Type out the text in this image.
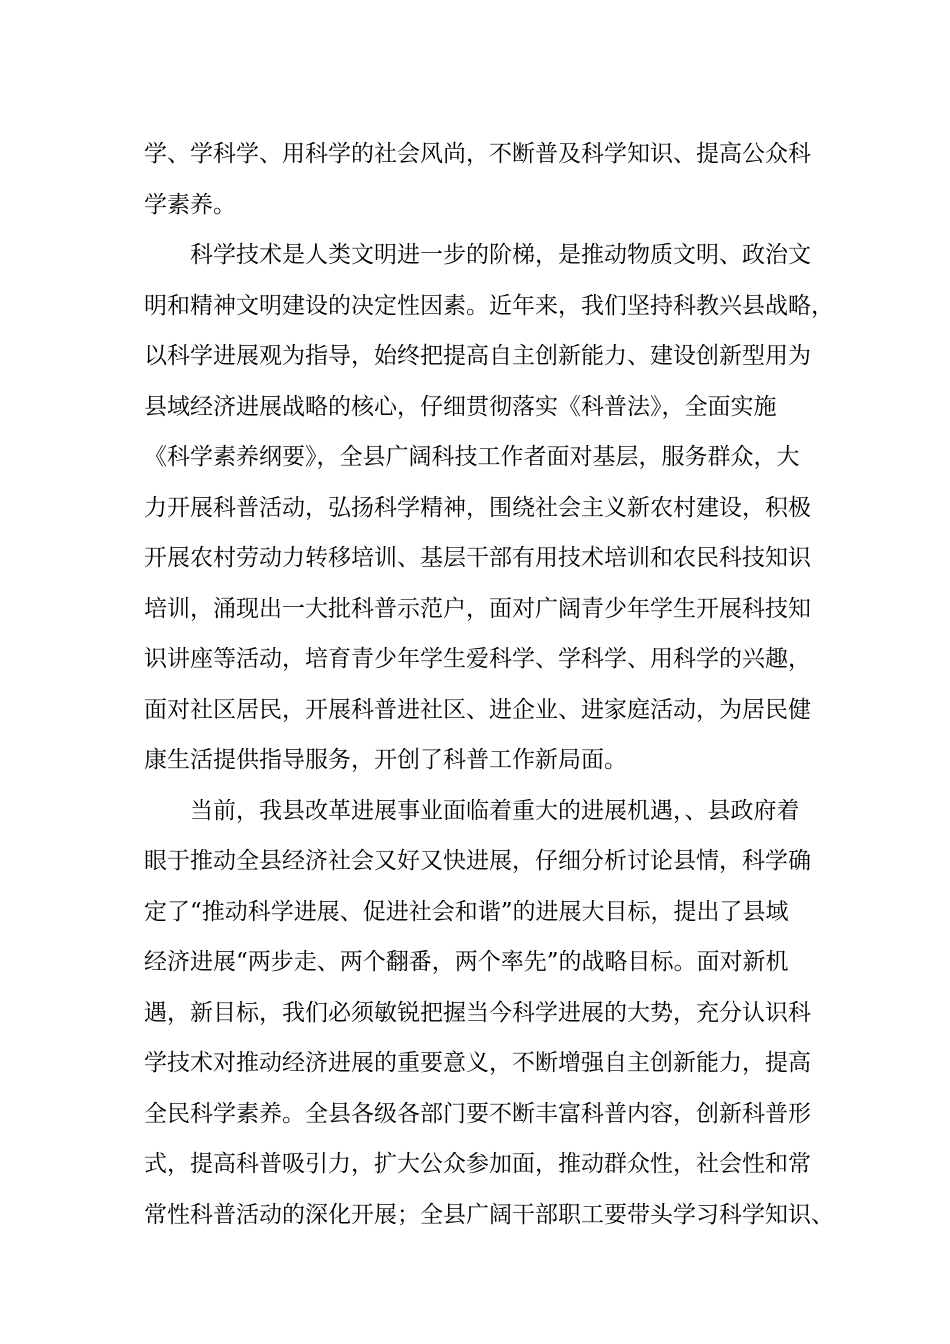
学、学科学、用科学的社会风尚，不断普及科学知识、提高公众科
学素养。

科学技术是人类文明进一步的阶梯，是推动物质文明、政治文
明和精神文明建设的决定性因素。近年来，我们坚持科教兴县战略，
以科学进展观为指导，始终把提高自主创新能力、建设创新型用为
县域经济进展战略的核心，仔细贯彻落实《科普法》，全面实施
《科学素养纲要》，全县广阔科技工作者面对基层，服务群众，大
力开展科普活动，弘扬科学精神，围绕社会主义新农村建设，积极
开展农村劳动力转移培训、基层干部有用技术培训和农民科技知识
培训，涌现出一大批科普示范户，面对广阔青少年学生开展科技知
识讲座等活动，培育青少年学生爱科学、学科学、用科学的兴趣，
面对社区居民，开展科普进社区、进企业、进家庭活动，为居民健
康生活提供指导服务，开创了科普工作新局面。

当前，我县改革进展事业面临着重大的进展机遇，、县政府着
眼于推动全县经济社会又好又快进展，仔细分析讨论县情，科学确
定了“推动科学进展、促进社会和谐”的进展大目标，提出了县域
经济进展“两步走、两个翻番，两个率先”的战略目标。面对新机
遇，新目标，我们必须敏锐把握当今科学进展的大势，充分认识科
学技术对推动经济进展的重要意义，不断增强自主创新能力，提高
全民科学素养。全县各级各部门要不断丰富科普内容，创新科普形
式，提高科普吸引力，扩大公众参加面，推动群众性，社会性和常
常性科普活动的深化开展；全县广阔干部职工要带头学习科学知识、
